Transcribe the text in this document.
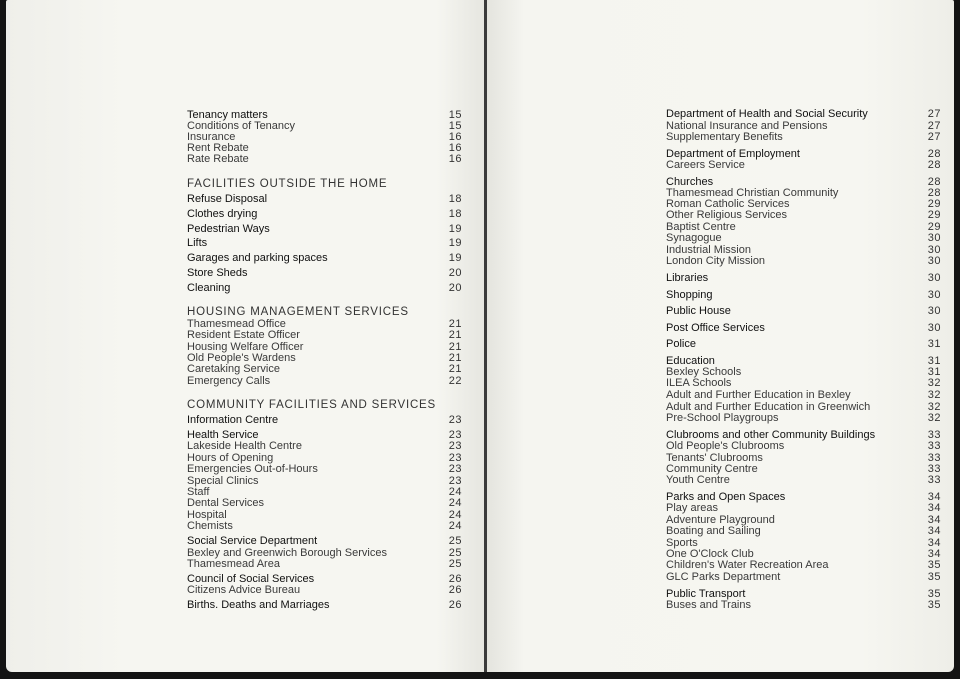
Tenancy matters	15
Conditions of Tenancy	15
Insurance	16
Rent Rebate	16
Rate Rebate	16
FACILITIES OUTSIDE THE HOME
Refuse Disposal	18
Clothes drying	18
Pedestrian Ways	19
Lifts	19
Garages and parking spaces	19
Store Sheds	20
Cleaning	20
HOUSING MANAGEMENT SERVICES
Thamesmead Office	21
Resident Estate Officer	21
Housing Welfare Officer	21
Old People's Wardens	21
Caretaking Service	21
Emergency Calls	22
COMMUNITY FACILITIES AND SERVICES
Information Centre	23
Health Service	23
Lakeside Health Centre	23
Hours of Opening	23
Emergencies Out-of-Hours	23
Special Clinics	23
Staff	24
Dental Services	24
Hospital	24
Chemists	24
Social Service Department	25
Bexley and Greenwich Borough Services	25
Thamesmead Area	25
Council of Social Services	26
Citizens Advice Bureau	26
Births. Deaths and Marriages	26
Department of Health and Social Security	27
National Insurance and Pensions	27
Supplementary Benefits	27
Department of Employment	28
Careers Service	28
Churches	28
Thamesmead Christian Community	28
Roman Catholic Services	29
Other Religious Services	29
Baptist Centre	29
Synagogue	30
Industrial Mission	30
London City Mission	30
Libraries	30
Shopping	30
Public House	30
Post Office Services	30
Police	31
Education	31
Bexley Schools	31
ILEA Schools	32
Adult and Further Education in Bexley	32
Adult and Further Education in Greenwich	32
Pre-School Playgroups	32
Clubrooms and other Community Buildings	33
Old People's Clubrooms	33
Tenants' Clubrooms	33
Community Centre	33
Youth Centre	33
Parks and Open Spaces	34
Play areas	34
Adventure Playground	34
Boating and Sailing	34
Sports	34
One O'Clock Club	34
Children's Water Recreation Area	35
GLC Parks Department	35
Public Transport	35
Buses and Trains	35
